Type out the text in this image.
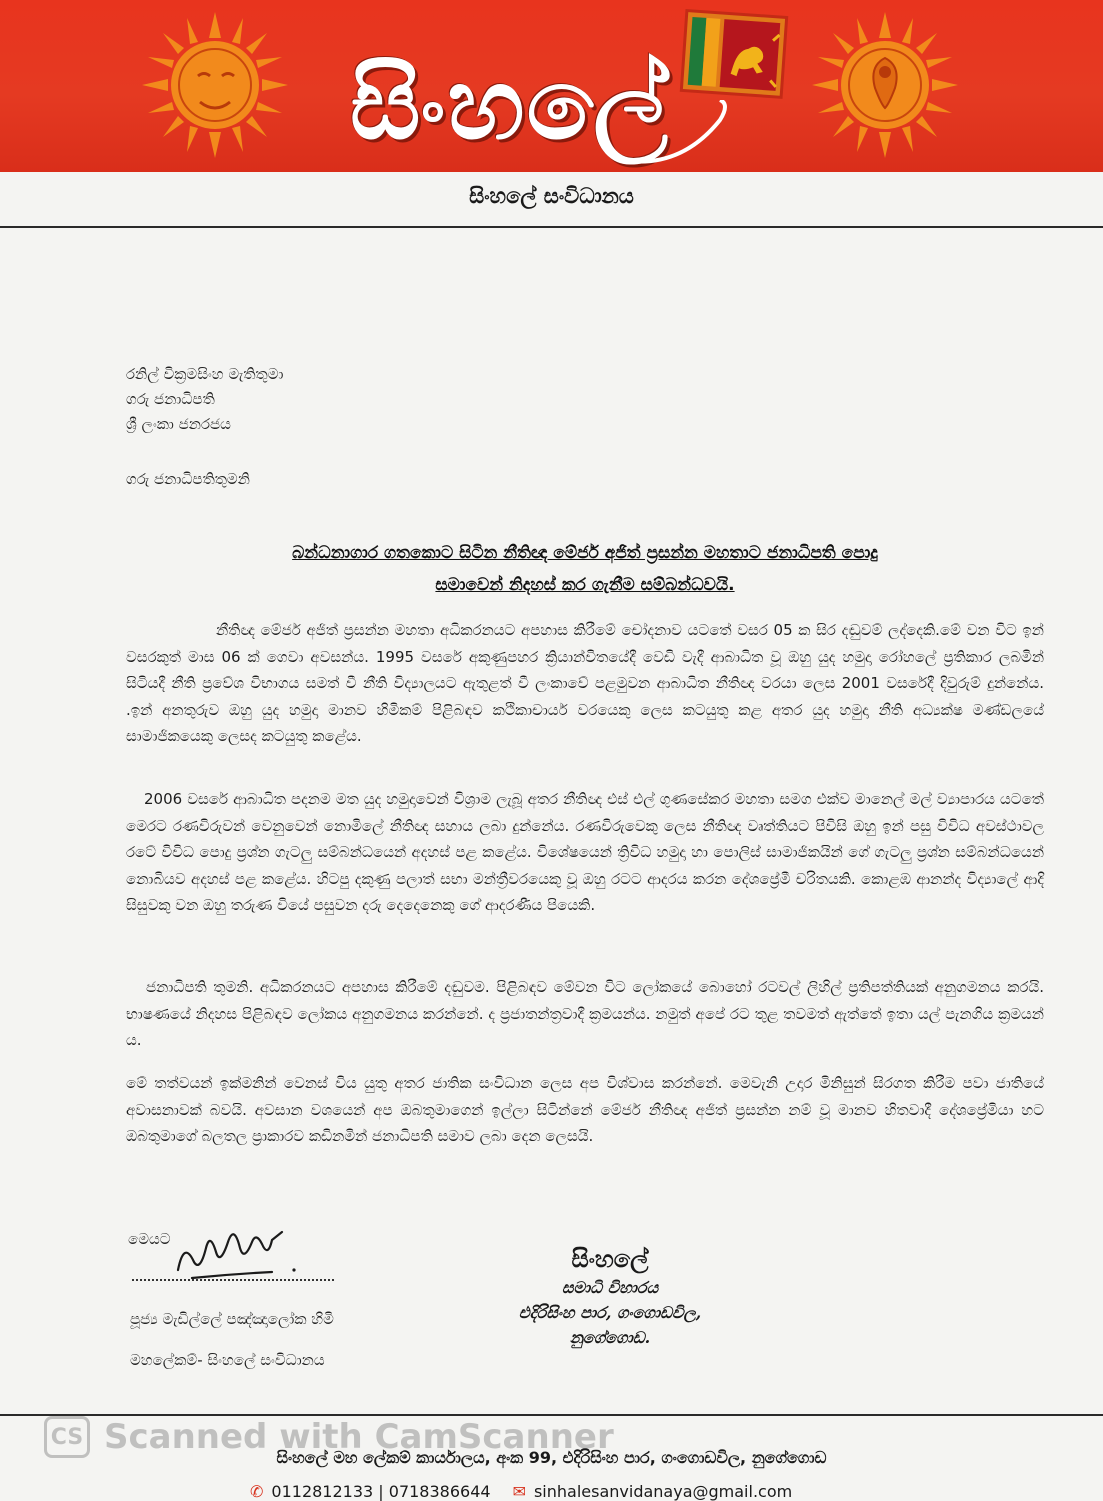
සිංහලේ
සිංහලේ සංවිධානය
රනිල් වික්‍රමසිංහ මැතිතුමා
ගරු ජනාධිපති
ශ්‍රී ලංකා ජනරජය
ගරු ජනාධිපතිතුමනි
බන්ධනාගාර ගතකොට සිටින නීතිඥ මේජර් අජිත් ප්‍රසන්න මහතාට ජනාධිපති පොදු
සමාවෙන් නිදහස් කර ගැනීම සම්බන්ධවයි.

නීතිඥ මේජර් අජිත් ප්‍රසන්න මහතා අධිකරනයට අපහාස කිරීමේ චෝදනාව යටතේ වසර 05 ක සිර දඬුවම් ලද්දෙකි.මේ වන විට ඉන් වසරකුත් මාස 06 ක් ගෙවා අවසන්ය. 1995 වසරේ අකුණුපහර ක්‍රියාන්විතයේදී වෙඩි වැදී ආබාධිත වූ ඔහු යුද හමුදා රෝහලේ ප්‍රතිකාර ලබමින් සිටියදී නීති ප්‍රවේශ විභාගය සමත් වී නීති විද්‍යාලයට ඇතුළත් වී ලංකාවේ පළමුවන ආබාධිත නීතිඥ වරයා ලෙස 2001 වසරේදී දිවුරුම් දුන්නේය. .ඉන් අනතුරුව ඔහු යුද හමුදා මානව හිමිකම් පිළිබඳව කථිකාචාර්ය වරයෙකු ලෙස කටයුතු කළ අතර යුද හමුදා නීති අධ්‍යක්ෂ මණ්ඩලයේ සාමාජිකයෙකු ලෙසද කටයුතු කළේය.

2006 වසරේ ආබාධිත පදනම මත යුද හමුදාවෙන් විශ්‍රාම ලැබූ අතර නීතිඥ එස් එල් ගුණසේකර මහතා සමග එක්ව මානෙල් මල් ව්‍යාපාරය යටතේ මෙරට රණවිරුවන් වෙනුවෙන් නොමිලේ නීතිඥ සහාය ලබා දුන්නේය. රණවිරුවෙකු ලෙස නීතිඥ වෘත්තියට පිවිසි ඔහු ඉන් පසු විවිධ අවස්ථාවල රටේ විවිධ පොදු ප්‍රශ්න ගැටලු සම්බන්ධයෙන් අදහස් පළ කළේය. විශේෂයෙන් ත්‍රිවිධ හමුදා හා පොලිස් සාමාජිකයින් ගේ ගැටලු ප්‍රශ්න සම්බන්ධයෙන් නොබියව අදහස් පළ කළේය. හිටපු දකුණු පලාත් සභා මන්ත්‍රීවරයෙකු වූ ඔහු රටට ආදරය කරන දේශප්‍රේමී චරිතයකි. කොළඹ ආනන්ද විද්‍යාලේ ආදි සිසුවකු වන ඔහු තරුණ වියේ පසුවන දරු දෙදෙනෙකු ගේ ආදරණීය පියෙකි.

ජනාධිපති තුමනි. අධිකරනයට අපහාස කිරීමේ දඬුවම. පිළිබඳව මේවන විට ලෝකයේ බොහෝ රටවල් ලිහිල් ප්‍රතිපත්තියක් අනුගමනය කරයි. භාෂණයේ නිදහස පිළිබඳව ලෝකය අනුගමනය කරන්නේ. ද ප්‍රජාතන්ත්‍රවාදී ක්‍රමයන්ය. නමුත් අපේ රට තුළ තවමත් ඇත්තේ ඉතා යල් පැනගිය ක්‍රමයන් ය.

මේ තත්වයන් ඉක්මනින් වෙනස් විය යුතු අතර ජාතික සංවිධාන ලෙස අප විශ්වාස කරන්නේ. මෙවැනි උදාර මිනිසුන් සිරගත කිරීම පවා ජාතියේ අවාසනාවක් බවයි. අවසාන වශයෙන් අප ඔබතුමාගෙන් ඉල්ලා සිටින්නේ මේජර් නීතිඥ අජිත් ප්‍රසන්න නම් වූ මානව හිතවාදී දේශප්‍රේමියා හට ඔබතුමාගේ බලතල ප්‍රාකාරව කඩිනමින් ජනාධිපති සමාව ලබා දෙන ලෙසයි.

මෙයට
පූජ්‍ය මැඩිල්ලේ පඤ්ඤාලෝක හිමි
මහලේකම්- සිංහලේ සංවිධානය
සිංහලේ
සමාධි විහාරය
එදිරිසිංහ පාර, ගංගොඩවිල,
නුගේගොඩ.
CS Scanned with CamScanner
සිංහලේ මහ ලේකම් කාර්යාලය, අංක 99, එදිරිසිංහ පාර, ගංගොඩවිල, නුගේගොඩ
✆ 0112812133 | 0718386644 ✉ sinhalesanvidanaya@gmail.com
